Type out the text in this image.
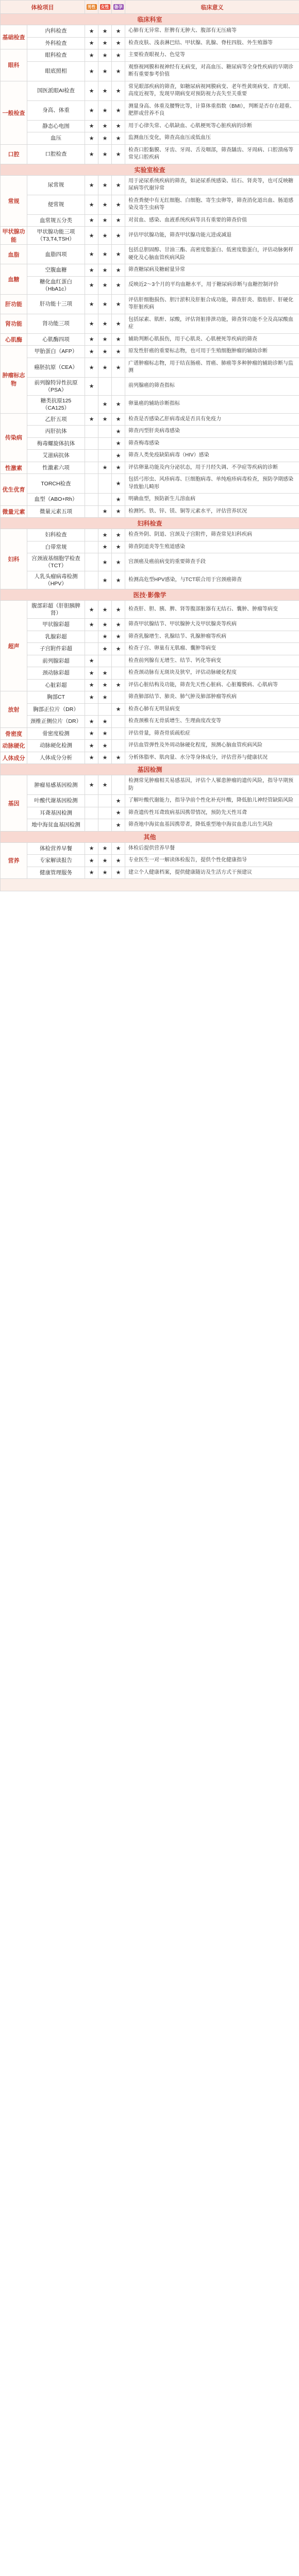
体检项目		男性	女性	备孕	临床意义
临床科室					
基础检查	内科检查	★	★	★	心肺有无异常、肝脾有无肿大、腹部有无压痛等
	外科检查	★	★	★	检查皮肤、浅表淋巴结、甲状腺、乳腺、脊柱四肢、外生殖器等
眼科	眼科检查	★	★	★	主要检查眼视力、色觉等
	眼底照相	★	★	★	观察视网膜和视神经有无病变，对高血压、糖尿病等全身性疾病的早期诊断有重要参考价值
一般检查	国医派眼AI检查	★	★	★	常见眼部疾病的筛查，如糖尿病视网膜病变、老年性黄斑病变、青光眼、高度近视等，发现早期病变对预防视力丧失至关重要
	身高、体重	★	★	★	测量身高、体重及腰臀比等，计算体重指数（BMI），判断是否存在超重、肥胖或营养不良
	静态心电图	★	★	★	用于心律失常、心肌缺血、心肌梗死等心脏疾病的诊断
	血压	★	★	★	监测血压变化，筛查高血压或低血压
口腔	口腔检查	★	★	★	检查口腔黏膜、牙齿、牙周、舌及咽部，筛查龋齿、牙周病、口腔溃疡等常见口腔疾病
实验室检查					
常规	尿常规	★	★	★	用于泌尿系统疾病的筛查，如泌尿系统感染、结石、肾炎等，也可反映糖尿病等代谢异常
	便常规	★	★	★	检查粪便中有无红细胞、白细胞、寄生虫卵等，筛查消化道出血、肠道感染及寄生虫病等
	血常规五分类	★	★	★	对贫血、感染、血液系统疾病等具有重要的筛查价值
甲状腺功能	甲状腺功能三项（T3,T4,TSH）	★	★	★	评估甲状腺功能，筛查甲状腺功能亢进或减退
血脂	血脂四项	★	★	★	包括总胆固醇、甘油三酯、高密度脂蛋白、低密度脂蛋白，评估动脉粥样硬化及心脑血管疾病风险
血糖	空腹血糖	★	★	★	筛查糖尿病及糖耐量异常
	糖化血红蛋白（HbA1c）	★	★	★	反映近2～3个月的平均血糖水平，用于糖尿病诊断与血糖控制评价
肝功能	肝功能十三项	★	★	★	评估肝细胞损伤、胆汁淤积及肝脏合成功能，筛查肝炎、脂肪肝、肝硬化等肝脏疾病
肾功能	肾功能三项	★	★	★	包括尿素、肌酐、尿酸，评估肾脏排泄功能，筛查肾功能不全及高尿酸血症
心肌酶	心肌酶四项	★	★	★	辅助判断心肌损伤，用于心肌炎、心肌梗死等疾病的筛查
肿瘤标志物	甲胎蛋白（AFP）	★	★	★	原发性肝癌的重要标志物，也可用于生殖细胞肿瘤的辅助诊断
	癌胚抗原（CEA）	★	★	★	广谱肿瘤标志物，用于结直肠癌、胃癌、肺癌等多种肿瘤的辅助诊断与监测
	前列腺特异性抗原（PSA）	★			前列腺癌的筛查指标
	糖类抗原125（CA125）		★	★	卵巢癌的辅助诊断指标
传染病	乙肝五项	★	★	★	检查是否感染乙肝病毒或是否具有免疫力
	丙肝抗体			★	筛查丙型肝炎病毒感染
	梅毒螺旋体抗体			★	筛查梅毒感染
	艾滋病抗体			★	筛查人类免疫缺陷病毒（HIV）感染
性激素	性激素六项		★	★	评估卵巢功能及内分泌状态，用于月经失调、不孕症等疾病的诊断
优生优育	TORCH检查			★	包括弓形虫、风疹病毒、巨细胞病毒、单纯疱疹病毒检查，预防孕期感染导致胎儿畸形
	血型（ABO+Rh）			★	明确血型，预防新生儿溶血病
微量元素	微量元素五项		★	★	检测钙、铁、锌、镁、铜等元素水平，评估营养状况
妇科检查					
妇科	妇科检查		★	★	检查外阴、阴道、宫颈及子宫附件，筛查常见妇科疾病
	白带常规		★	★	筛查阴道炎等生殖道感染
	宫颈液基细胞学检查（TCT）		★	★	宫颈癌及癌前病变的重要筛查手段
	人乳头瘤病毒检测（HPV）		★	★	检测高危型HPV感染，与TCT联合用于宫颈癌筛查
医技·影像学					
超声	腹部彩超（肝胆胰脾肾）	★	★	★	检查肝、胆、胰、脾、肾等腹部脏器有无结石、囊肿、肿瘤等病变
	甲状腺彩超	★	★	★	筛查甲状腺结节、甲状腺肿大及甲状腺炎等疾病
	乳腺彩超		★	★	筛查乳腺增生、乳腺结节、乳腺肿瘤等疾病
	子宫附件彩超		★	★	检查子宫、卵巢有无肌瘤、囊肿等病变
	前列腺彩超	★			检查前列腺有无增生、结节、钙化等病变
	颈动脉彩超	★	★		检查颈动脉有无斑块及狭窄，评估动脉硬化程度
	心脏彩超	★	★	★	评估心脏结构及功能，筛查先天性心脏病、心脏瓣膜病、心肌病等
放射	胸部CT	★	★		筛查肺部结节、肺炎、肺气肿及肺部肿瘤等疾病
	胸部正位片（DR）			★	检查心肺有无明显病变
	颈椎正侧位片（DR）	★	★		检查颈椎有无骨质增生、生理曲度改变等
骨密度	骨密度检测	★	★		评估骨量，筛查骨质疏松症
动脉硬化	动脉硬化检测	★	★		评估血管弹性及外周动脉硬化程度，预测心脑血管疾病风险
人体成分	人体成分分析	★	★	★	分析体脂率、肌肉量、水分等身体成分，评估营养与健康状况
基因检测					
基因	肿瘤易感基因检测	★	★		检测常见肿瘤相关易感基因，评估个人罹患肿瘤的遗传风险，指导早期预防
	叶酸代谢基因检测			★	了解叶酸代谢能力，指导孕前个性化补充叶酸，降低胎儿神经管缺陷风险
	耳聋基因检测			★	筛查遗传性耳聋致病基因携带情况，预防先天性耳聋
	地中海贫血基因检测			★	筛查地中海贫血基因携带者，降低重型地中海贫血患儿出生风险
其他					
营养	体检营养早餐	★	★	★	体检后提供营养早餐
	专家解读报告	★	★	★	专业医生一对一解读体检报告，提供个性化健康指导
	健康管理服务	★	★	★	建立个人健康档案，提供健康随访及生活方式干预建议
